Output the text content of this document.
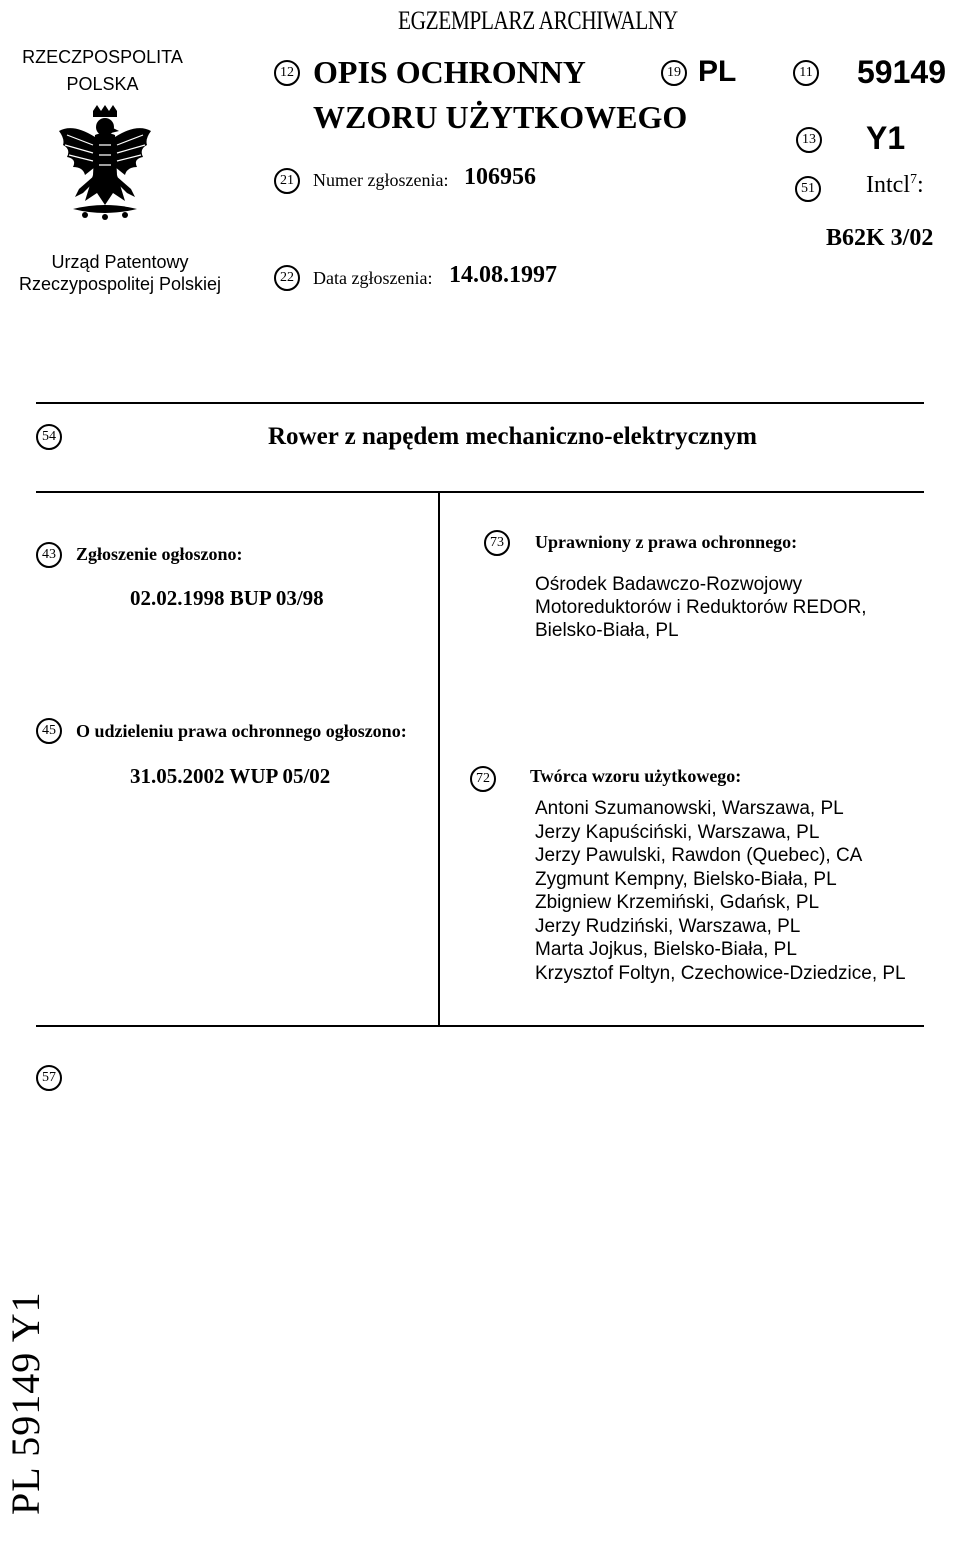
RZECZPOSPOLITA
POLSKA
Urząd Patentowy
Rzeczypospolitej Polskiej
EGZEMPLARZ ARCHIWALNY
12 OPIS OCHRONNY
WZORU UŻYTKOWEGO
19 PL	11 59149
13 Y1
21	Numer zgłoszenia: 106956	51 Intcl$^7$:
B62K 3/02
22	Data zgłoszenia: 14.08.1997
54	Rower z napędem mechaniczno-elektrycznym
43	Zgłoszenie ogłoszono:
02.02.1998 BUP 03/98
73	Uprawniony z prawa ochronnego:
Ośrodek Badawczo-Rozwojowy
Motoreduktorów i Reduktorów REDOR,
Bielsko-Biała, PL
45	O udzieleniu prawa ochronnego ogłoszono:
31.05.2002 WUP 05/02	72	Twórca wzoru użytkowego:
Antoni Szumanowski, Warszawa, PL
Jerzy Kapuściński, Warszawa, PL
Jerzy Pawulski, Rawdon (Quebec), CA
Zygmunt Kempny, Bielsko-Biała, PL
Zbigniew Krzemiński, Gdańsk, PL
Jerzy Rudziński, Warszawa, PL
Marta Jojkus, Bielsko-Biała, PL
Krzysztof Foltyn, Czechowice-Dziedzice, PL
57
PL 59149 Y1
